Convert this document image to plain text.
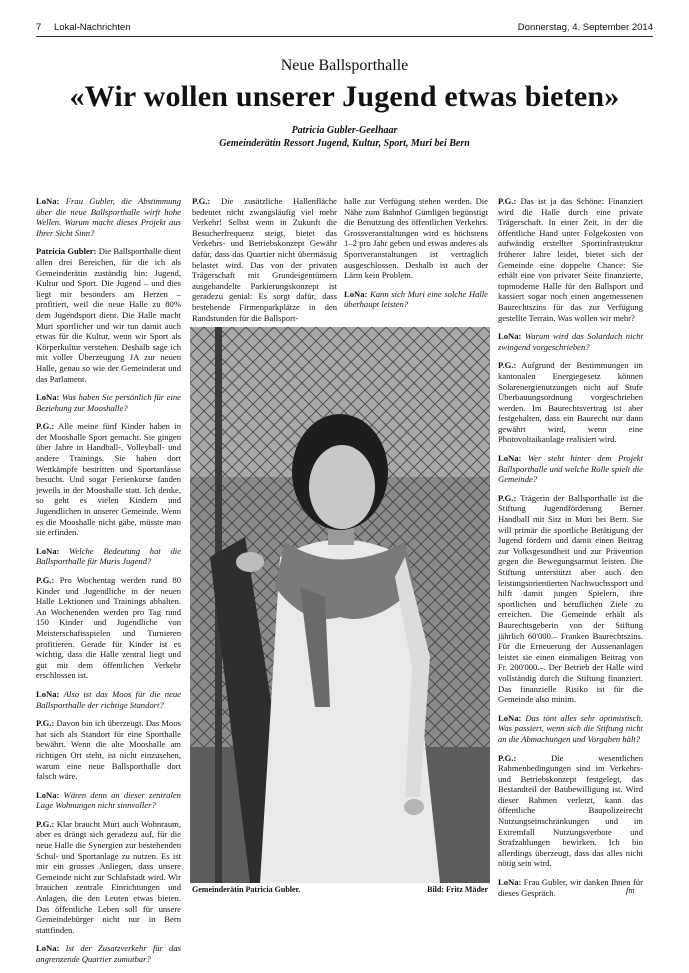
7 Lokal-Nachrichten	Donnerstag, 4. September 2014
Neue Ballsporthalle
«Wir wollen unserer Jugend etwas bieten»
Patricia Gubler-Geelhaar
Gemeinderätin Ressort Jugend, Kultur, Sport, Muri bei Bern

LoNa: Frau Gubler, die Abstimmung über die neue Ballsporthalle wirft hohe Wellen. Warum macht dieses Projekt aus Ihrer Sicht Sinn?

Patricia Gubler: Die Ballsporthalle dient allen drei Bereichen, für die ich als Gemeinderätin zuständig bin: Jugend, Kultur und Sport. Die Jugend – und dies liegt mir besonders am Herzen – profitiert, weil die neue Halle zu 80% dem Jugendsport dient. Die Halle macht Muri sportlicher und wir tun damit auch etwas für die Kultur, wenn wir Sport als Körperkultur verstehen. Deshalb sage ich mit voller Überzeugung JA zur neuen Halle, genau so wie der Gemeinderat und das Parlament.

LoNa: Was haben Sie persönlich für eine Beziehung zur Mooshalle?

P.G.: Alle meine fünf Kinder haben in der Mooshalle Sport gemacht. Sie gingen über Jahre in Handball-, Volleyball- und andere Trainings. Sie haben dort Wettkämpfe bestritten und Sportanlässe besucht. Und sogar Ferienkurse fanden jeweils in der Mooshalle statt. Ich denke, so geht es vielen Kindern und Jugendlichen in unserer Gemeinde. Wenn es die Mooshalle nicht gäbe, müsste man sie erfinden.

LoNa: Welche Bedeutung hat die Ballsporthalle für Muris Jugend?

P.G.: Pro Wochentag werden rund 80 Kinder und Jugendliche in der neuen Halle Lektionen und Trainings abhalten. An Wochenenden werden pro Tag rund 150 Kinder und Jugendliche von Meisterschaftsspielen und Turnieren profitieren. Gerade für Kinder ist es wichtig, dass die Halle zentral liegt und gut mit dem öffentlichen Verkehr erschlossen ist.

LoNa: Also ist das Moos für die neue Ballsporthalle der richtige Standort?

P.G.: Davon bin ich überzeugt. Das Moos hat sich als Standort für eine Sporthalle bewährt. Wenn die alte Mooshalle am richtigen Ort steht, ist nicht einzusehen, warum eine neue Ballsporthalle dort falsch wäre.

LoNa: Wären denn an dieser zentralen Lage Wohnungen nicht sinnvoller?

P.G.: Klar braucht Muri auch Wohnraum, aber es drängt sich geradezu auf, für die neue Halle die Synergien zur bestehenden Schul- und Sportanlage zu nutzen. Es ist mir ein grosses Anliegen, dass unsere Gemeinde nicht zur Schlafstadt wird. Wir brauchen zentrale Einrichtungen und Anlagen, die den Leuten etwas bieten. Das öffentliche Leben soll für unsere Gemeindebürger nicht nur in Bern stattfinden.

LoNa: Ist der Zusatzverkehr für das angrenzende Quartier zumutbar?

P.G.: Die zusätzliche Hallenfläche bedeutet nicht zwangsläufig viel mehr Verkehr! Selbst wenn in Zukunft die Besucherfrequenz steigt, bietet das Verkehrs- und Betriebskonzept Gewähr dafür, dass das Quartier nicht übermässig belastet wird. Das von der privaten Trägerschaft mit Grundeigentümern ausgehandelte Parkierungskonzept ist geradezu genial: Es sorgt dafür, dass bestehende Firmenparkplätze in den Randstunden für die Ballsport-

halle zur Verfügung stehen werden. Die Nähe zum Bahnhof Gümligen begünstigt die Benutzung des öffentlichen Verkehrs. Grossveranstaltungen wird es höchstens 1–2 pro Jahr geben und etwas anderes als Sportveranstaltungen ist vertraglich ausgeschlossen. Deshalb ist auch der Lärm kein Problem.

LoNa: Kann sich Muri eine solche Halle überhaupt leisten?

P.G.: Das ist ja das Schöne: Finanziert wird die Halle durch eine private Trägerschaft. In einer Zeit, in der die öffentliche Hand unter Folgekosten von aufwändig erstellter Sportinfrastruktur früherer Jahre leidet, bietet sich der Gemeinde eine doppelte Chance: Sie erhält eine von privater Seite finanzierte, topmoderne Halle für den Ballsport und kassiert sogar noch einen angemessenen Baurechtszins für das zur Verfügung gestellte Terrain. Was wollen wir mehr?

LoNa: Warum wird das Solardach nicht zwingend vorgeschrieben?

P.G.: Aufgrund der Bestimmungen im kantonalen Energiegesetz können Solarenergienutzungen nicht auf Stufe Überbauungsordnung vorgeschrieben werden. Im Baurechtsvertrag ist aber festgehalten, dass ein Baurecht nur dann gewährt wird, wenn eine Photovoltaikanlage realisiert wird.

LoNa: Wer steht hinter dem Projekt Ballsporthalle und welche Rolle spielt die Gemeinde?

P.G.: Trägerin der Ballsporthalle ist die Stiftung Jugendförderung Berner Handball mit Sitz in Muri bei Bern. Sie will primär die sportliche Betätigung der Jugend fördern und damit einen Beitrag zur Volksgesundheit und zur Prävention gegen die Bewegungsarmut leisten. Die Stiftung unterstützt aber auch den leistungsorientierten Nachwuchssport und hilft damit jungen Spielern, ihre sportlichen und beruflichen Ziele zu erreichen. Die Gemeinde erhält als Baurechtsgeberin von der Stiftung jährlich 60'000.– Franken Baurechtszins. Für die Erneuerung der Aussenanlagen leistet sie einen einmaligen Beitrag von Fr. 200'000.–. Der Betrieb der Halle wird vollständig durch die Stiftung finanziert. Das finanzielle Risiko ist für die Gemeinde also minim.

LoNa: Das tönt alles sehr optimistisch. Was passiert, wenn sich die Stiftung nicht an die Abmachungen und Vorgaben hält?

P.G.:	Die wesentlichen Rahmenbedingungen sind im Verkehrs- und Betriebskonzept festgelegt, das Bestandteil der Baubewilligung ist. Wird dieser Rahmen verletzt, kann das öffentliche Baupolizeirecht Nutzungseinschränkungen und im Extremfall Nutzungsverbote und Strafzahlungen bewirken. Ich bin allerdings überzeugt, dass das alles nicht nötig sein wird.

LoNa: Frau Gubler, wir danken Ihnen für dieses Gespräch.

Gemeinderätin Patricia Gubler.	Bild: Fritz Mäder	fm
